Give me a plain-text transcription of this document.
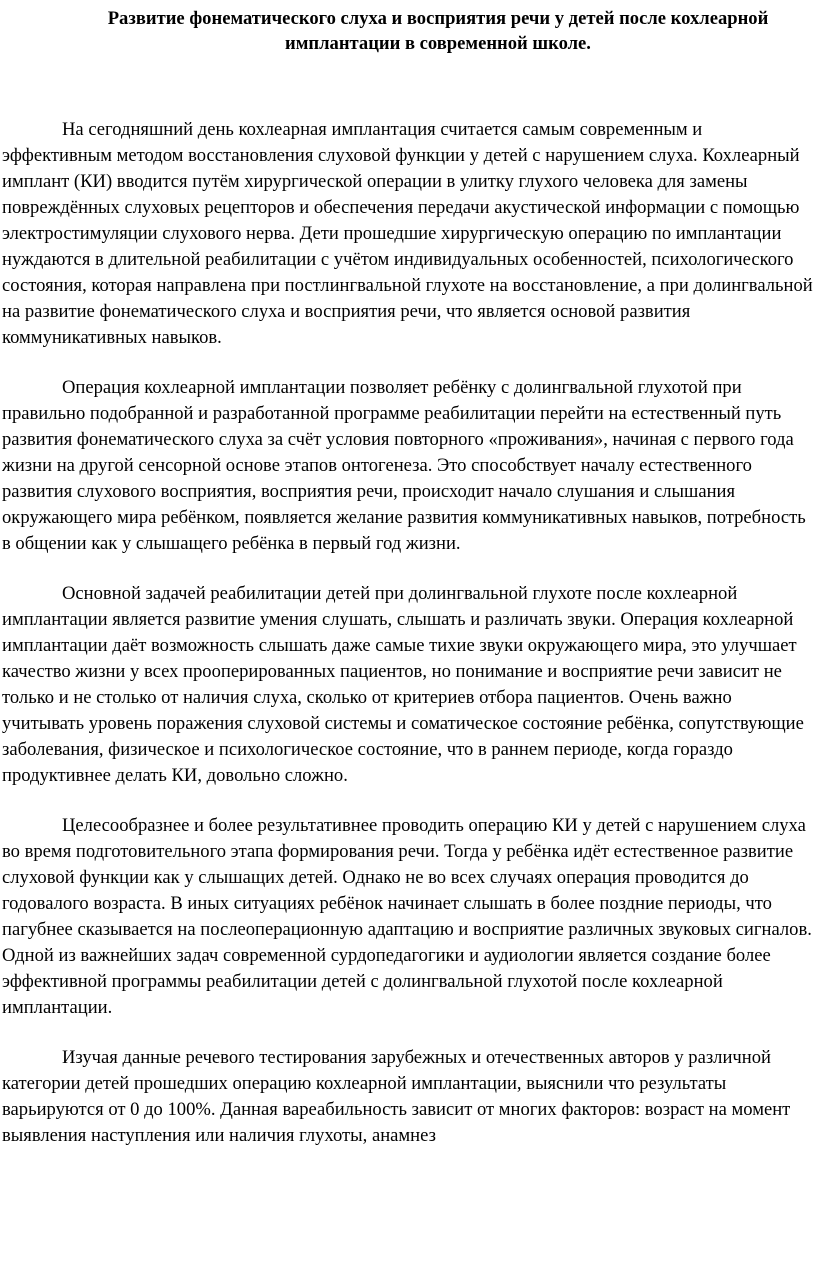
Развитие фонематического слуха и восприятия речи у детей после кохлеарной имплантации в современной школе.

На сегодняшний день кохлеарная имплантация считается самым современным и эффективным методом восстановления слуховой функции у детей с нарушением слуха. Кохлеарный имплант (КИ) вводится путём хирургической операции в улитку глухого человека для замены повреждённых слуховых рецепторов и обеспечения передачи акустической информации с помощью электростимуляции слухового нерва. Дети прошедшие хирургическую операцию по имплантации нуждаются в длительной реабилитации с учётом индивидуальных особенностей, психологического состояния, которая направлена при постлингвальной глухоте на восстановление, а при долингвальной на развитие фонематического слуха и восприятия речи, что является основой развития коммуникативных навыков.

Операция кохлеарной имплантации позволяет ребёнку с долингвальной глухотой при правильно подобранной и разработанной программе реабилитации перейти на естественный путь развития фонематического слуха за счёт условия повторного «проживания», начиная с первого года жизни на другой сенсорной основе этапов онтогенеза. Это способствует началу естественного развития слухового восприятия, восприятия речи, происходит начало слушания и слышания окружающего мира ребёнком, появляется желание развития коммуникативных навыков, потребность в общении как у слышащего ребёнка в первый год жизни.

Основной задачей реабилитации детей при долингвальной глухоте после кохлеарной имплантации является развитие умения слушать, слышать и различать звуки. Операция кохлеарной имплантации даёт возможность слышать даже самые тихие звуки окружающего мира, это улучшает качество жизни у всех прооперированных пациентов, но понимание и восприятие речи зависит не только и не столько от наличия слуха, сколько от критериев отбора пациентов. Очень важно учитывать уровень поражения слуховой системы и соматическое состояние ребёнка, сопутствующие заболевания, физическое и психологическое состояние, что в раннем периоде, когда гораздо продуктивнее делать КИ, довольно сложно.

Целесообразнее и более результативнее проводить операцию КИ у детей с нарушением слуха во время подготовительного этапа формирования речи. Тогда у ребёнка идёт естественное развитие слуховой функции как у слышащих детей. Однако не во всех случаях операция проводится до годовалого возраста. В иных ситуациях ребёнок начинает слышать в более поздние периоды, что пагубнее сказывается на послеоперационную адаптацию и восприятие различных звуковых сигналов. Одной из важнейших задач современной сурдопедагогики и аудиологии является создание более эффективной программы реабилитации детей с долингвальной глухотой после кохлеарной имплантации.

Изучая данные речевого тестирования зарубежных и отечественных авторов у различной категории детей прошедших операцию кохлеарной имплантации, выяснили что результаты варьируются от 0 до 100%. Данная вареабильность зависит от многих факторов: возраст на момент выявления наступления или наличия глухоты, анамнез
